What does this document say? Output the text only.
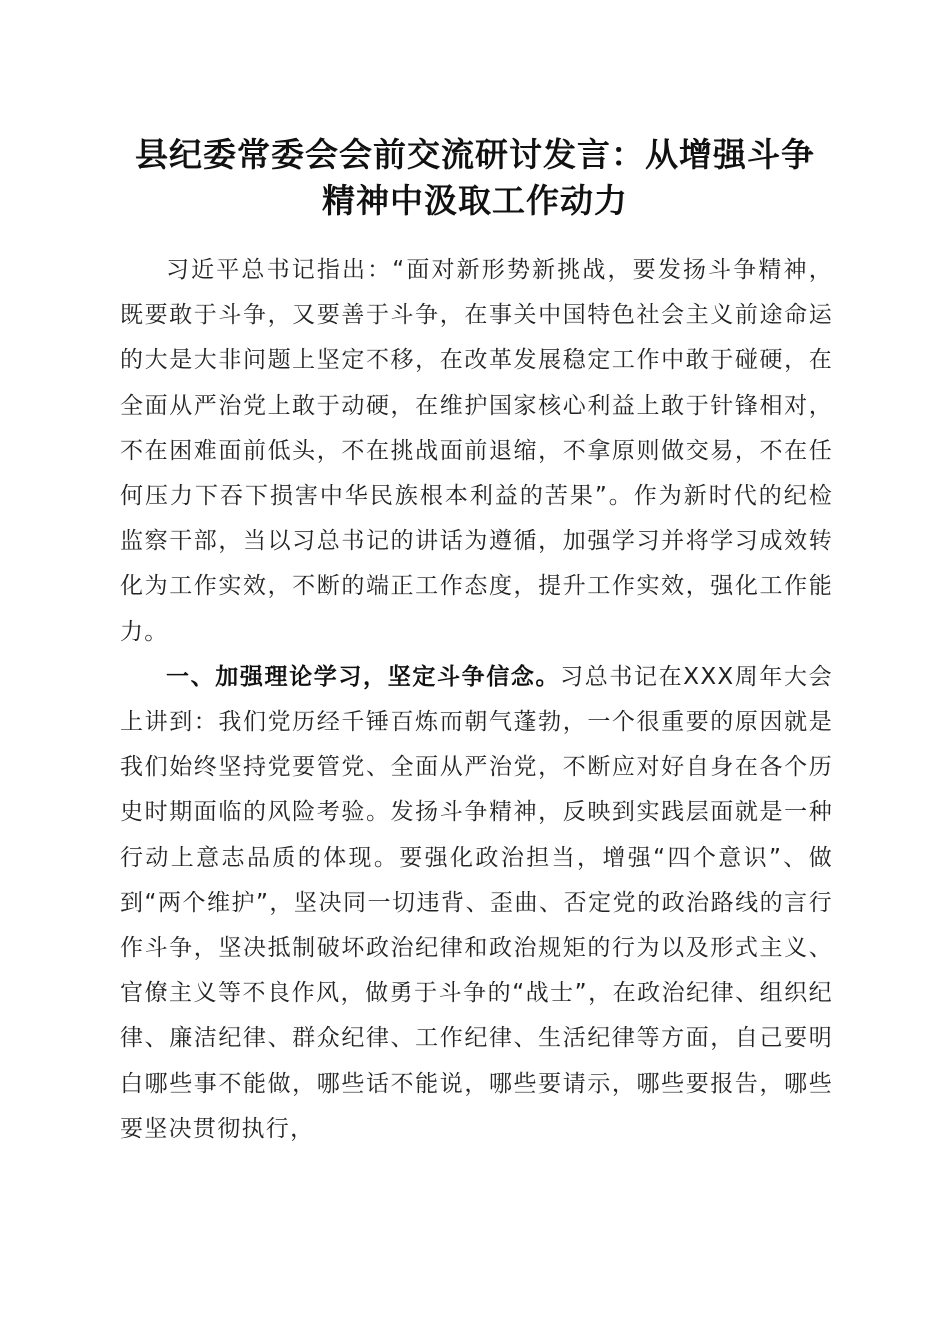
县纪委常委会会前交流研讨发言：从增强斗争
精神中汲取工作动力

习近平总书记指出：“面对新形势新挑战，要发扬斗争精神，既要敢于斗争，又要善于斗争，在事关中国特色社会主义前途命运的大是大非问题上坚定不移，在改革发展稳定工作中敢于碰硬，在全面从严治党上敢于动硬，在维护国家核心利益上敢于针锋相对，不在困难面前低头，不在挑战面前退缩，不拿原则做交易，不在任何压力下吞下损害中华民族根本利益的苦果”。作为新时代的纪检监察干部，当以习总书记的讲话为遵循，加强学习并将学习成效转化为工作实效，不断的端正工作态度，提升工作实效，强化工作能力。

一、加强理论学习，坚定斗争信念。习总书记在XXX周年大会上讲到：我们党历经千锤百炼而朝气蓬勃，一个很重要的原因就是我们始终坚持党要管党、全面从严治党，不断应对好自身在各个历史时期面临的风险考验。发扬斗争精神，反映到实践层面就是一种行动上意志品质的体现。要强化政治担当，增强“四个意识”、做到“两个维护”，坚决同一切违背、歪曲、否定党的政治路线的言行作斗争，坚决抵制破坏政治纪律和政治规矩的行为以及形式主义、官僚主义等不良作风，做勇于斗争的“战士”，在政治纪律、组织纪律、廉洁纪律、群众纪律、工作纪律、生活纪律等方面，自己要明白哪些事不能做，哪些话不能说，哪些要请示，哪些要报告，哪些要坚决贯彻执行，
